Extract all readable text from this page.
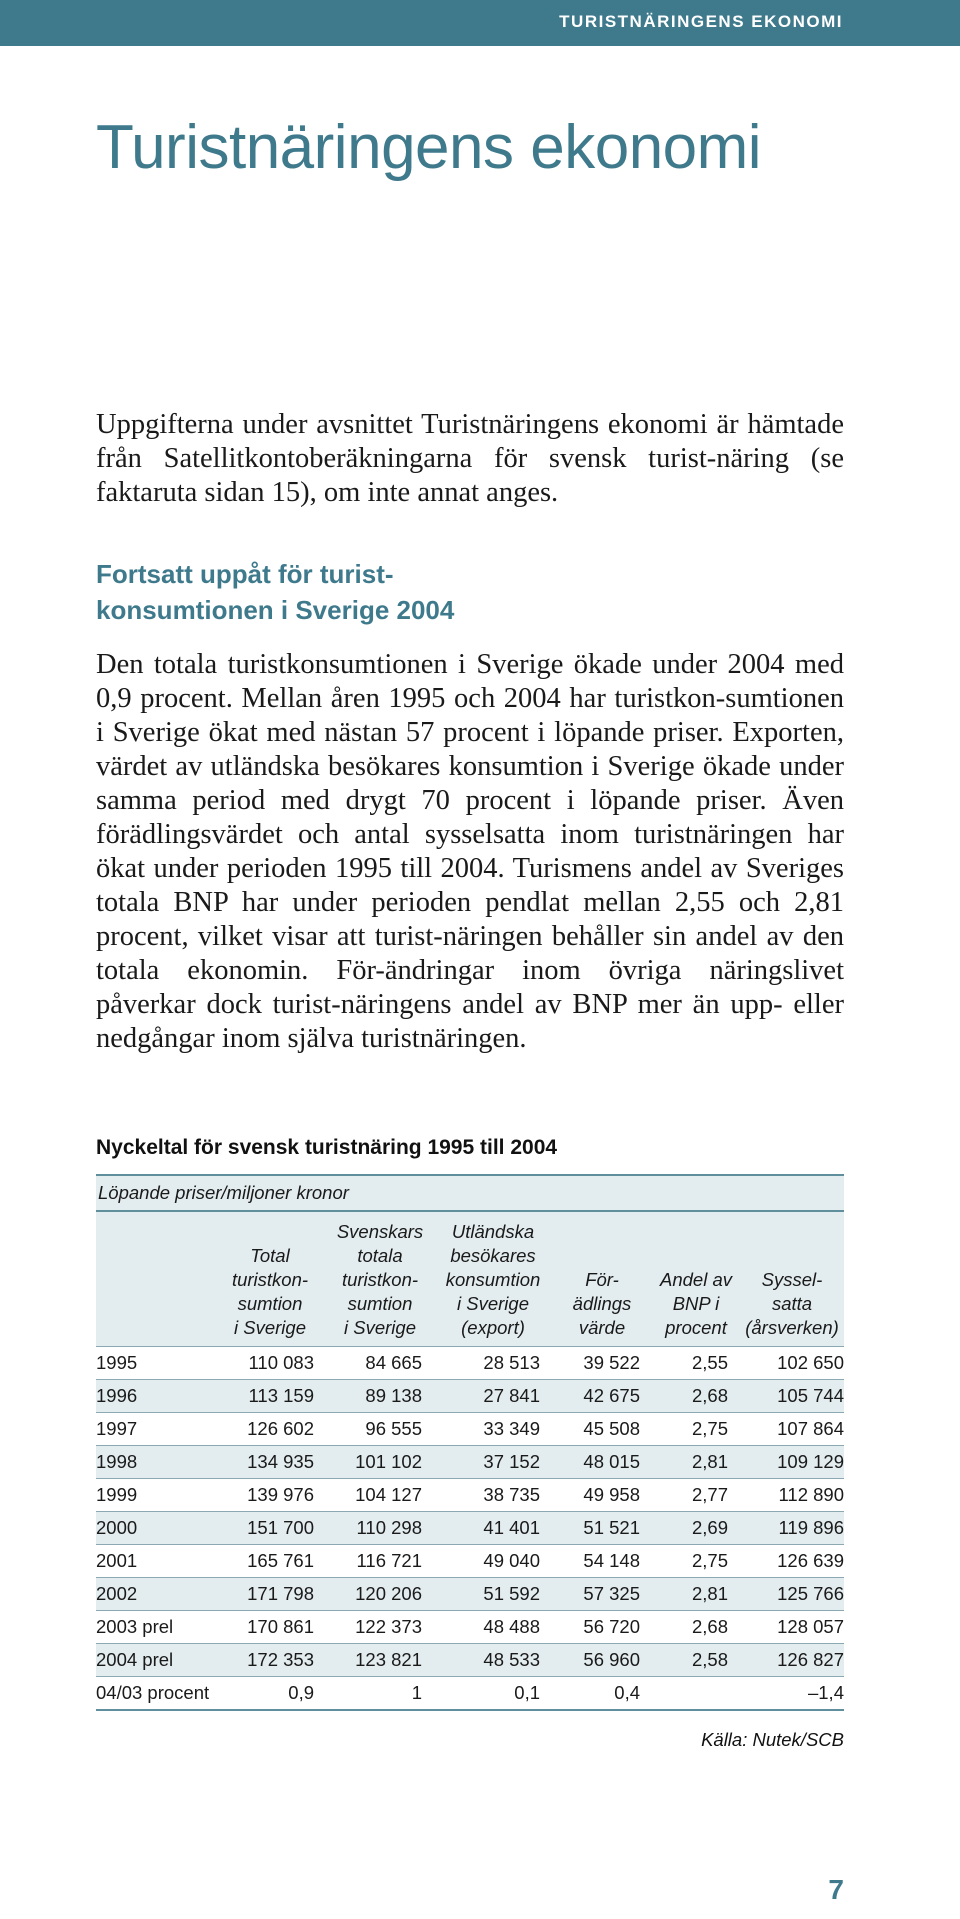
TURISTNÄRINGENS EKONOMI
Turistnäringens ekonomi

Uppgifterna under avsnittet Turistnäringens ekonomi är hämtade från Satellitkontoberäkningarna för svensk turist-näring (se faktaruta sidan 15), om inte annat anges.

Fortsatt uppåt för turist-
konsumtionen i Sverige 2004

Den totala turistkonsumtionen i Sverige ökade under 2004 med 0,9 procent. Mellan åren 1995 och 2004 har turistkon-sumtionen i Sverige ökat med nästan 57 procent i löpande priser. Exporten, värdet av utländska besökares konsumtion i Sverige ökade under samma period med drygt 70 procent i löpande priser. Även förädlingsvärdet och antal sysselsatta inom turistnäringen har ökat under perioden 1995 till 2004. Turismens andel av Sveriges totala BNP har under perioden pendlat mellan 2,55 och 2,81 procent, vilket visar att turist-näringen behåller sin andel av den totala ekonomin. För-ändringar inom övriga näringslivet påverkar dock turist-näringens andel av BNP mer än upp- eller nedgångar inom själva turistnäringen.

Nyckeltal för svensk turistnäring 1995 till 2004
Löpande priser/miljoner kronor						
	Total
turistkon-
sumtion
i Sverige	Svenskars
totala
turistkon-
sumtion
i Sverige	Utländska
besökares
konsumtion
i Sverige
(export)	För-
ädlings
värde	Andel av
BNP i
procent	Syssel-
satta
(årsverken)
1995	110 083	84 665	28 513	39 522	2,55	102 650
1996	113 159	89 138	27 841	42 675	2,68	105 744
1997	126 602	96 555	33 349	45 508	2,75	107 864
1998	134 935	101 102	37 152	48 015	2,81	109 129
1999	139 976	104 127	38 735	49 958	2,77	112 890
2000	151 700	110 298	41 401	51 521	2,69	119 896
2001	165 761	116 721	49 040	54 148	2,75	126 639
2002	171 798	120 206	51 592	57 325	2,81	125 766
2003 prel	170 861	122 373	48 488	56 720	2,68	128 057
2004 prel	172 353	123 821	48 533	56 960	2,58	126 827
04/03 procent	0,9	1	0,1	0,4		–1,4
Källa: Nutek/SCB
7
